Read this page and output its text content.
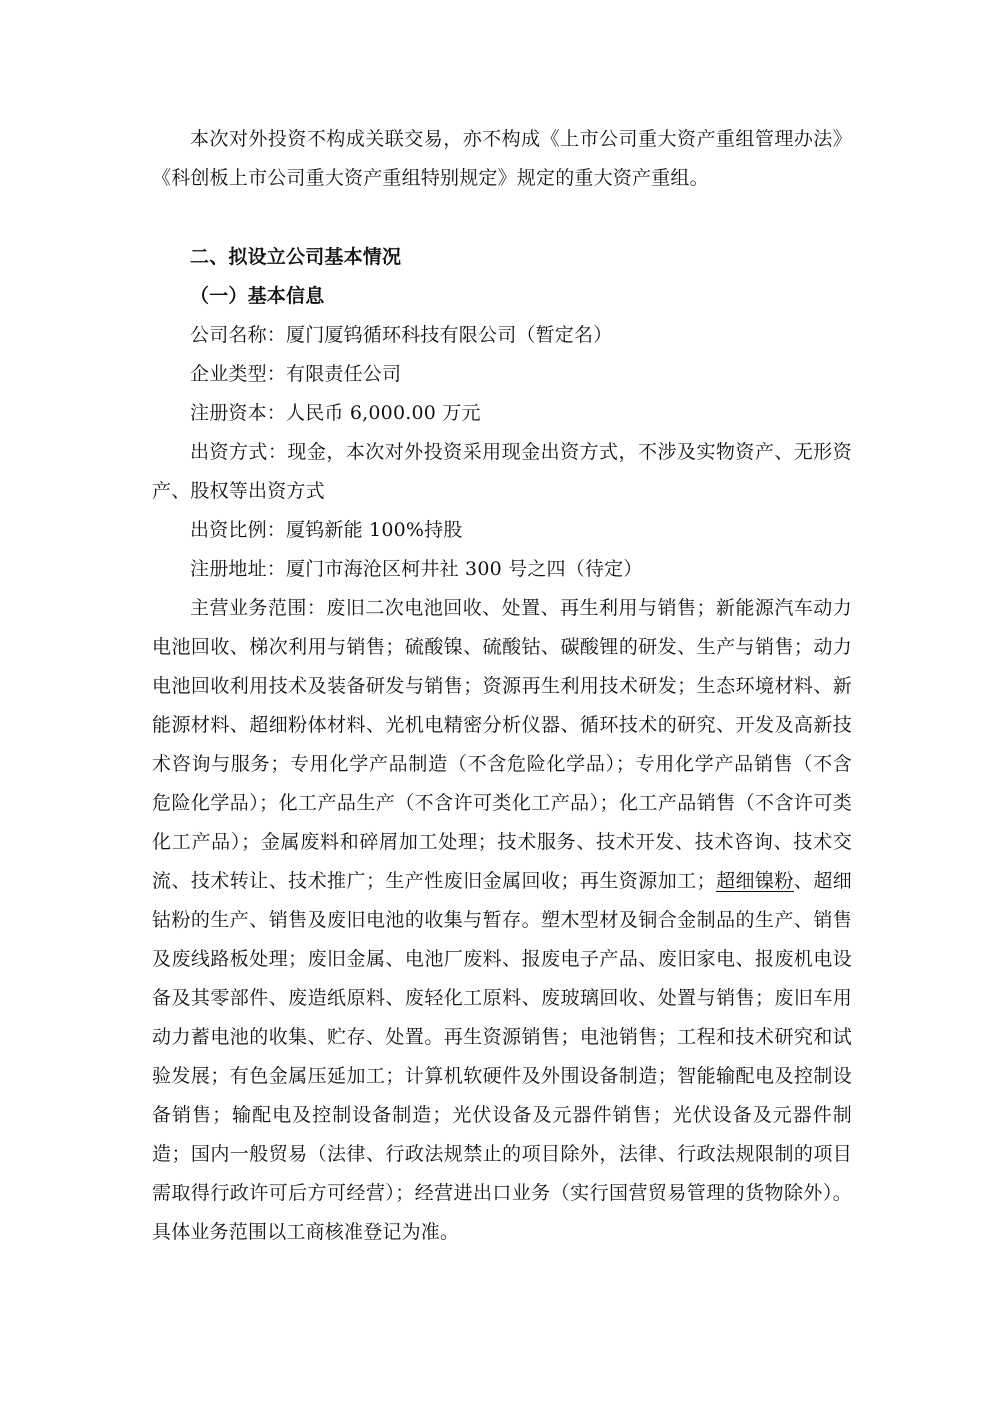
本次对外投资不构成关联交易，亦不构成《上市公司重大资产重组管理办法》《科创板上市公司重大资产重组特别规定》规定的重大资产重组。

二、拟设立公司基本情况

（一）基本信息

公司名称：厦门厦钨循环科技有限公司（暂定名）

企业类型：有限责任公司

注册资本：人民币 6,000.00 万元

出资方式：现金，本次对外投资采用现金出资方式，不涉及实物资产、无形资产、股权等出资方式

出资比例：厦钨新能 100%持股

注册地址：厦门市海沧区柯井社 300 号之四（待定）

主营业务范围：废旧二次电池回收、处置、再生利用与销售；新能源汽车动力电池回收、梯次利用与销售；硫酸镍、硫酸钴、碳酸锂的研发、生产与销售；动力电池回收利用技术及装备研发与销售；资源再生利用技术研发；生态环境材料、新能源材料、超细粉体材料、光机电精密分析仪器、循环技术的研究、开发及高新技术咨询与服务；专用化学产品制造（不含危险化学品）；专用化学产品销售（不含危险化学品）；化工产品生产（不含许可类化工产品）；化工产品销售（不含许可类化工产品）；金属废料和碎屑加工处理；技术服务、技术开发、技术咨询、技术交流、技术转让、技术推广；生产性废旧金属回收；再生资源加工；超细镍粉、超细钴粉的生产、销售及废旧电池的收集与暂存。塑木型材及铜合金制品的生产、销售及废线路板处理；废旧金属、电池厂废料、报废电子产品、废旧家电、报废机电设备及其零部件、废造纸原料、废轻化工原料、废玻璃回收、处置与销售；废旧车用动力蓄电池的收集、贮存、处置。再生资源销售；电池销售；工程和技术研究和试验发展；有色金属压延加工；计算机软硬件及外围设备制造；智能输配电及控制设备销售；输配电及控制设备制造；光伏设备及元器件销售；光伏设备及元器件制造；国内一般贸易（法律、行政法规禁止的项目除外，法律、行政法规限制的项目需取得行政许可后方可经营）；经营进出口业务（实行国营贸易管理的货物除外）。具体业务范围以工商核准登记为准。
